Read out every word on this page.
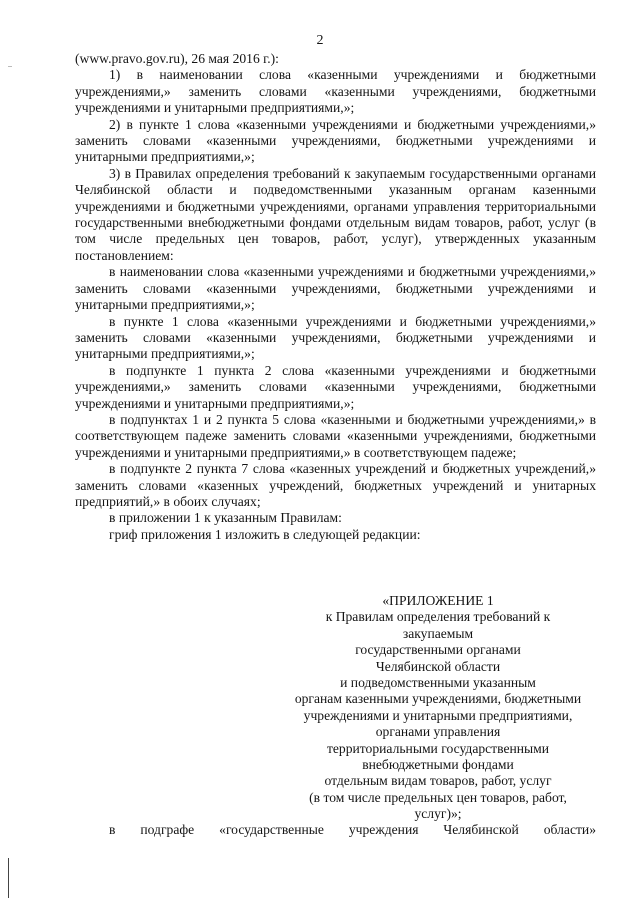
2

(www.pravo.gov.ru), 26 мая 2016 г.):

1) в наименовании слова «казенными учреждениями и бюджетными учреждениями,» заменить словами «казенными учреждениями, бюджетными учреждениями и унитарными предприятиями,»;

2) в пункте 1 слова «казенными учреждениями и бюджетными учреждениями,» заменить словами «казенными учреждениями, бюджетными учреждениями и унитарными предприятиями,»;

3) в Правилах определения требований к закупаемым государственными органами Челябинской области и подведомственными указанным органам казенными учреждениями и бюджетными учреждениями, органами управления территориальными государственными внебюджетными фондами отдельным видам товаров, работ, услуг (в том числе предельных цен товаров, работ, услуг), утвержденных указанным постановлением:

в наименовании слова «казенными учреждениями и бюджетными учреждениями,» заменить словами «казенными учреждениями, бюджетными учреждениями и унитарными предприятиями,»;

в пункте 1 слова «казенными учреждениями и бюджетными учреждениями,» заменить словами «казенными учреждениями, бюджетными учреждениями и унитарными предприятиями,»;

в подпункте 1 пункта 2 слова «казенными учреждениями и бюджетными учреждениями,» заменить словами «казенными учреждениями, бюджетными учреждениями и унитарными предприятиями,»;

в подпунктах 1 и 2 пункта 5 слова «казенными и бюджетными учреждениями,» в соответствующем падеже заменить словами «казенными учреждениями, бюджетными учреждениями и унитарными предприятиями,» в соответствующем падеже;

в подпункте 2 пункта 7 слова «казенных учреждений и бюджетных учреждений,» заменить словами «казенных учреждений, бюджетных учреждений и унитарных предприятий,» в обоих случаях;

в приложении 1 к указанным Правилам:

гриф приложения 1 изложить в следующей редакции:

«ПРИЛОЖЕНИЕ 1
к Правилам определения требований к
закупаемым
государственными органами
Челябинской области
и подведомственными указанным
органам казенными учреждениями, бюджетными
учреждениями и унитарными предприятиями,
органами управления
территориальными государственными
внебюджетными фондами
отдельным видам товаров, работ, услуг
(в том числе предельных цен товаров, работ,
услуг)»;
в подграфе «государственные учреждения Челябинской области»
